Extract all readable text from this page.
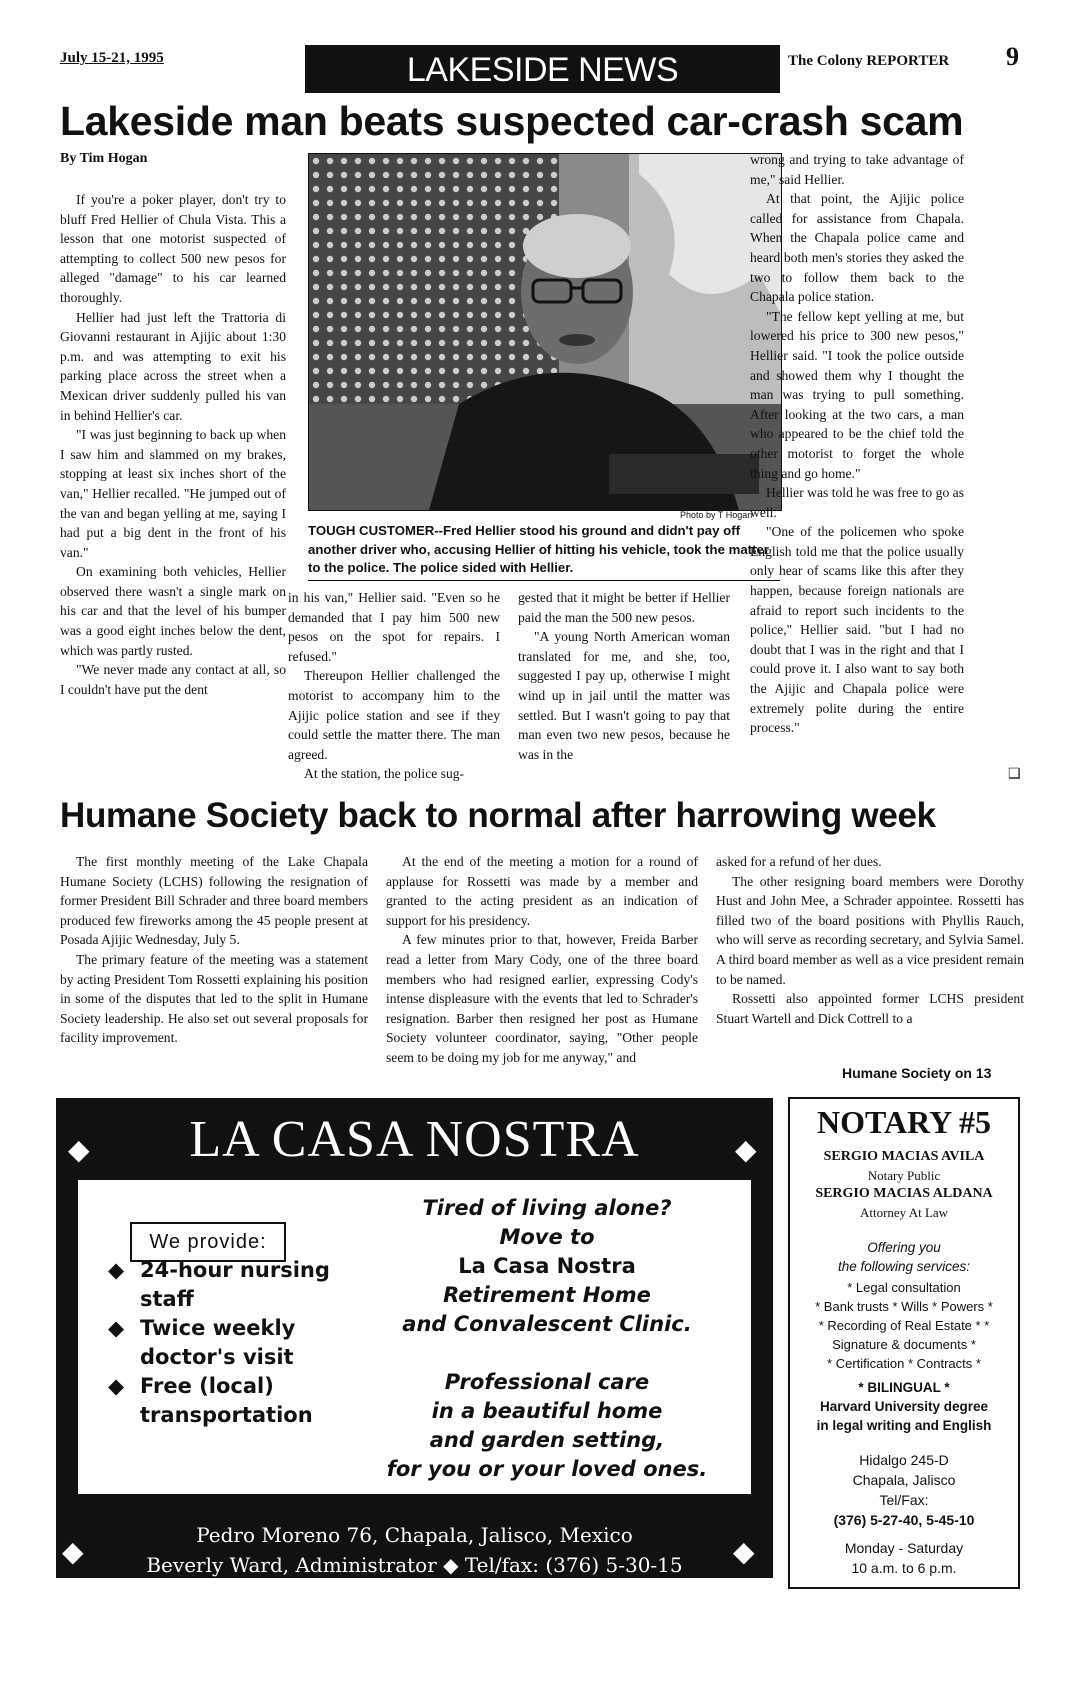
July 15-21, 1995	LAKESIDE NEWS	The Colony REPORTER 9
Lakeside man beats suspected car-crash scam
By Tim Hogan

If you're a poker player, don't try to bluff Fred Hellier of Chula Vista. This a lesson that one motorist suspected of attempting to collect 500 new pesos for alleged "damage" to his car learned thoroughly.

Hellier had just left the Trattoria di Giovanni restaurant in Ajijic about 1:30 p.m. and was attempting to exit his parking place across the street when a Mexican driver suddenly pulled his van in behind Hellier's car.

"I was just beginning to back up when I saw him and slammed on my brakes, stopping at least six inches short of the van," Hellier recalled. "He jumped out of the van and began yelling at me, saying I had put a big dent in the front of his van."

On examining both vehicles, Hellier observed there wasn't a single mark on his car and that the level of his bumper was a good eight inches below the dent, which was partly rusted.

"We never made any contact at all, so I couldn't have put the dent

Photo by T Hogan
TOUGH CUSTOMER--Fred Hellier stood his ground and didn't pay off another driver who, accusing Hellier of hitting his vehicle, took the matter to the police. The police sided with Hellier.

in his van," Hellier said. "Even so he demanded that I pay him 500 new pesos on the spot for repairs. I refused."

Thereupon Hellier challenged the motorist to accompany him to the Ajijic police station and see if they could settle the matter there. The man agreed.

At the station, the police sug-

gested that it might be better if Hellier paid the man the 500 new pesos.

"A young North American woman translated for me, and she, too, suggested I pay up, otherwise I might wind up in jail until the matter was settled. But I wasn't going to pay that man even two new pesos, because he was in the

wrong and trying to take advantage of me," said Hellier.

At that point, the Ajijic police called for assistance from Chapala. When the Chapala police came and heard both men's stories they asked the two to follow them back to the Chapala police station.

"The fellow kept yelling at me, but lowered his price to 300 new pesos," Hellier said. "I took the police outside and showed them why I thought the man was trying to pull something. After looking at the two cars, a man who appeared to be the chief told the other motorist to forget the whole thing and go home."

Hellier was told he was free to go as well.

"One of the policemen who spoke English told me that the police usually only hear of scams like this after they happen, because foreign nationals are afraid to report such incidents to the police," Hellier said. "but I had no doubt that I was in the right and that I could prove it. I also want to say both the Ajijic and Chapala police were extremely polite during the entire process."

❑
Humane Society back to normal after harrowing week

The first monthly meeting of the Lake Chapala Humane Society (LCHS) following the resignation of former President Bill Schrader and three board members produced few fireworks among the 45 people present at Posada Ajijic Wednesday, July 5.

The primary feature of the meeting was a statement by acting President Tom Rossetti explaining his position in some of the disputes that led to the split in Humane Society leadership. He also set out several proposals for facility improvement.

At the end of the meeting a motion for a round of applause for Rossetti was made by a member and granted to the acting president as an indication of support for his presidency.

A few minutes prior to that, however, Freida Barber read a letter from Mary Cody, one of the three board members who had resigned earlier, expressing Cody's intense displeasure with the events that led to Schrader's resignation. Barber then resigned her post as Humane Society volunteer coordinator, saying, "Other people seem to be doing my job for me anyway," and

asked for a refund of her dues.

The other resigning board members were Dorothy Hust and John Mee, a Schrader appointee. Rossetti has filled two of the board positions with Phyllis Rauch, who will serve as recording secretary, and Sylvia Samel. A third board member as well as a vice president remain to be named.

Rossetti also appointed former LCHS president Stuart Wartell and Dick Cottrell to a

Humane Society on 13
◆	◆
LA CASA NOSTRA
We provide:
◆ 24-hour nursing staff
◆ Twice weekly doctor's visit
◆ Free (local) transportation
Tired of living alone?
Move to
La Casa Nostra
Retirement Home
and Convalescent Clinic.
Professional care
in a beautiful home
and garden setting,
for you or your loved ones.
◆	◆
Pedro Moreno 76, Chapala, Jalisco, Mexico
Beverly Ward, Administrator ◆ Tel/fax: (376) 5-30-15
NOTARY #5
SERGIO MACIAS AVILA
Notary Public
SERGIO MACIAS ALDANA
Attorney At Law
Offering you
the following services:
* Legal consultation
* Bank trusts * Wills * Powers *
* Recording of Real Estate * *
Signature & documents *
* Certification * Contracts *
* BILINGUAL *
Harvard University degree
in legal writing and English
Hidalgo 245-D
Chapala, Jalisco
Tel/Fax:
(376) 5-27-40, 5-45-10
Monday - Saturday
10 a.m. to 6 p.m.
